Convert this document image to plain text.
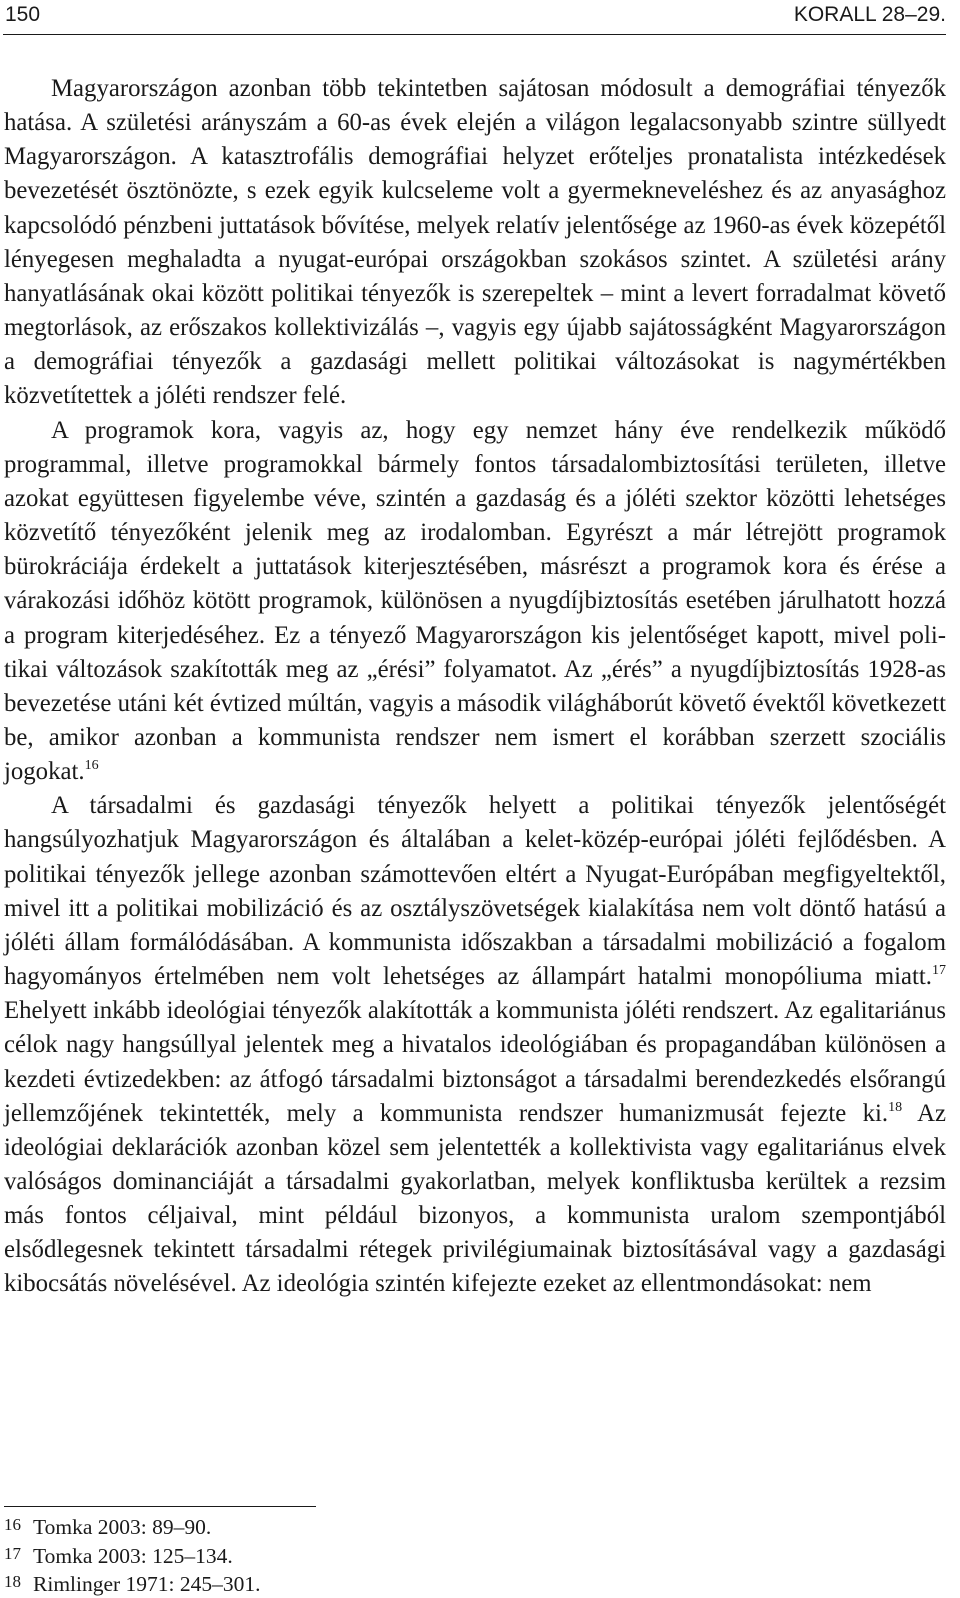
150	KORALL 28–29.

Magyarországon azonban több tekintetben sajátosan módosult a demográfiai tényezők hatása. A születési arányszám a 60-as évek elején a világon legalacsonyabb szintre süllyedt Magyarországon. A katasztrofális demográfiai helyzet erőteljes pronatalista intézkedések bevezetését ösztönözte, s ezek egyik kulcseleme volt a gyermekneveléshez és az anyasághoz kapcsolódó pénzbeni juttatások bővítése, melyek relatív jelentősége az 1960-as évek közepétől lényegesen meghaladta a nyugat-európai országokban szokásos szintet. A születési arány hanyatlásának okai között politikai tényezők is szerepeltek – mint a levert forradalmat követő megtorlások, az erőszakos kollektivizálás –, vagyis egy újabb sajátosságként Magyarországon a demográfiai tényezők a gazdasági mellett politikai változásokat is nagymértékben közvetítettek a jóléti rendszer felé.

A programok kora, vagyis az, hogy egy nemzet hány éve rendelkezik működő programmal, illetve programokkal bármely fontos társadalombiztosítási területen, illetve azokat együttesen figyelembe véve, szintén a gazdaság és a jóléti szektor közötti lehetséges közvetítő tényezőként jelenik meg az irodalomban. Egyrészt a már létrejött programok bürokráciája érdekelt a juttatások kiterjesztésében, másrészt a programok kora és érése a várakozási időhöz kötött programok, különösen a nyugdíjbiztosítás esetében járulhatott hozzá a program kiterjedéséhez. Ez a tényező Magyarországon kis jelentőséget kapott, mivel politikai változások szakították meg az „érési” folyamatot. Az „érés” a nyugdíjbiztosítás 1928-as bevezetése utáni két évtized múltán, vagyis a második világháborút követő évektől következett be, amikor azonban a kommunista rendszer nem ismert el korábban szerzett szociális jogokat.$^{16}$

A társadalmi és gazdasági tényezők helyett a politikai tényezők jelentőségét hangsúlyozhatjuk Magyarországon és általában a kelet-közép-európai jóléti fejlődésben. A politikai tényezők jellege azonban számottevően eltért a Nyugat-Európában megfigyeltektől, mivel itt a politikai mobilizáció és az osztályszövetségek kialakítása nem volt döntő hatású a jóléti állam formálódásában. A kommunista időszakban a társadalmi mobilizáció a fogalom hagyományos értelmében nem volt lehetséges az állampárt hatalmi monopóliuma miatt.$^{17}$ Ehelyett inkább ideológiai tényezők alakították a kommunista jóléti rendszert. Az egalitariánus célok nagy hangsúllyal jelentek meg a hivatalos ideológiában és propagandában különösen a kezdeti évtizedekben: az átfogó társadalmi biztonságot a társadalmi berendezkedés elsőrangú jellemzőjének tekintették, mely a kommunista rendszer humanizmusát fejezte ki.$^{18}$ Az ideológiai deklarációk azonban közel sem jelentették a kollektivista vagy egalitariánus elvek valóságos dominanciáját a társadalmi gyakorlatban, melyek konfliktusba kerültek a rezsim más fontos céljaival, mint például bizonyos, a kommunista uralom szempontjából elsődlegesnek tekintett társadalmi rétegek privilégiumainak biztosításával vagy a gazdasági kibocsátás növelésével. Az ideológia szintén kifejezte ezeket az ellentmondásokat: nem

16 Tomka 2003: 89–90.
17 Tomka 2003: 125–134.
18 Rimlinger 1971: 245–301.
